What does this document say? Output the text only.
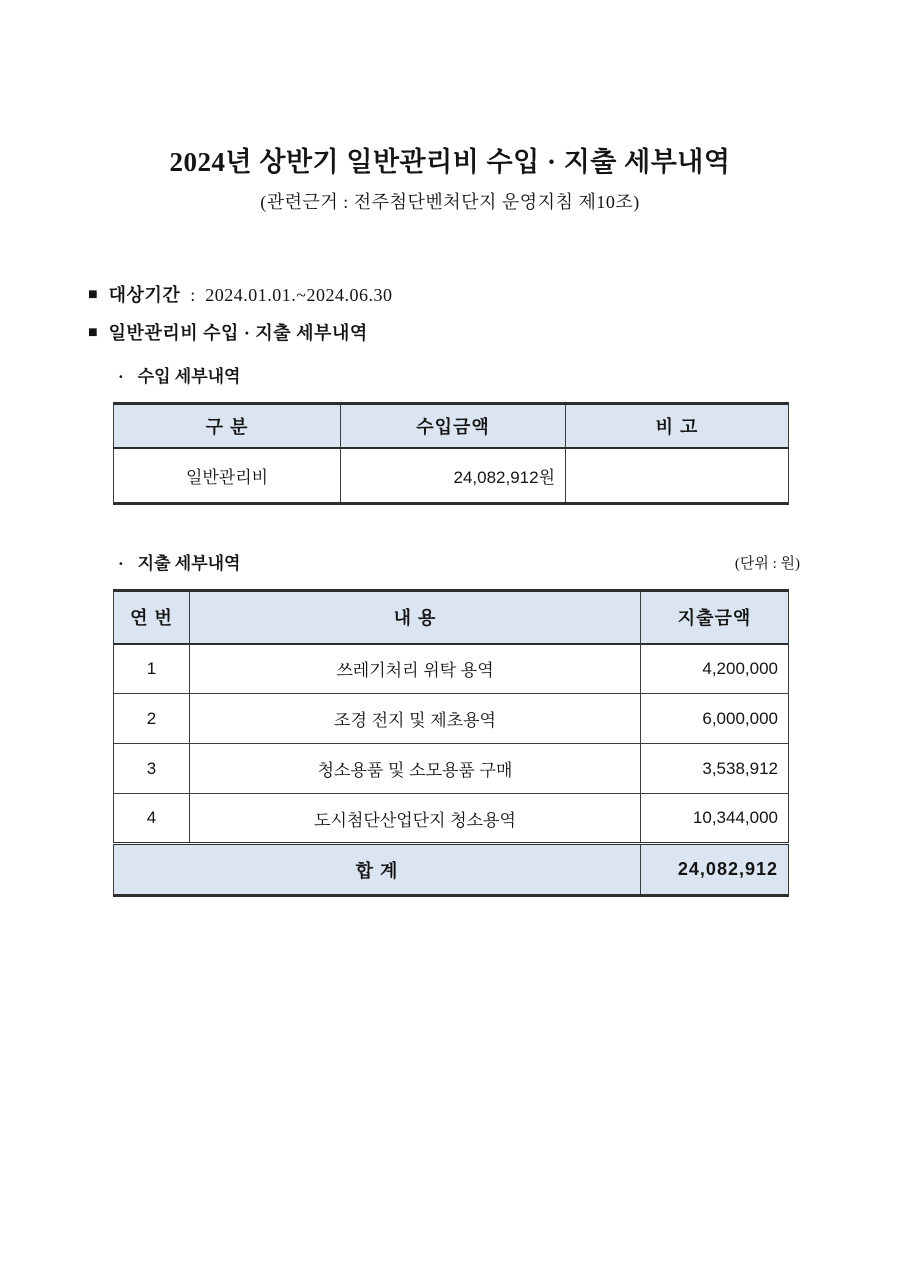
2024년 상반기 일반관리비 수입 · 지출 세부내역

(관련근거 : 전주첨단벤처단지 운영지침 제10조)

■ 대상기간 : 2024.01.01.~2024.06.30
■ 일반관리비 수입 · 지출 세부내역
· 수입 세부내역
구 분	수입금액	비 고
일반관리비	24,082,912원	
· 지출 세부내역	(단위 : 원)
연 번	내 용	지출금액
1	쓰레기처리 위탁 용역	4,200,000
2	조경 전지 및 제초용역	6,000,000
3	청소용품 및 소모용품 구매	3,538,912
4	도시첨단산업단지 청소용역	10,344,000
합 계		24,082,912
